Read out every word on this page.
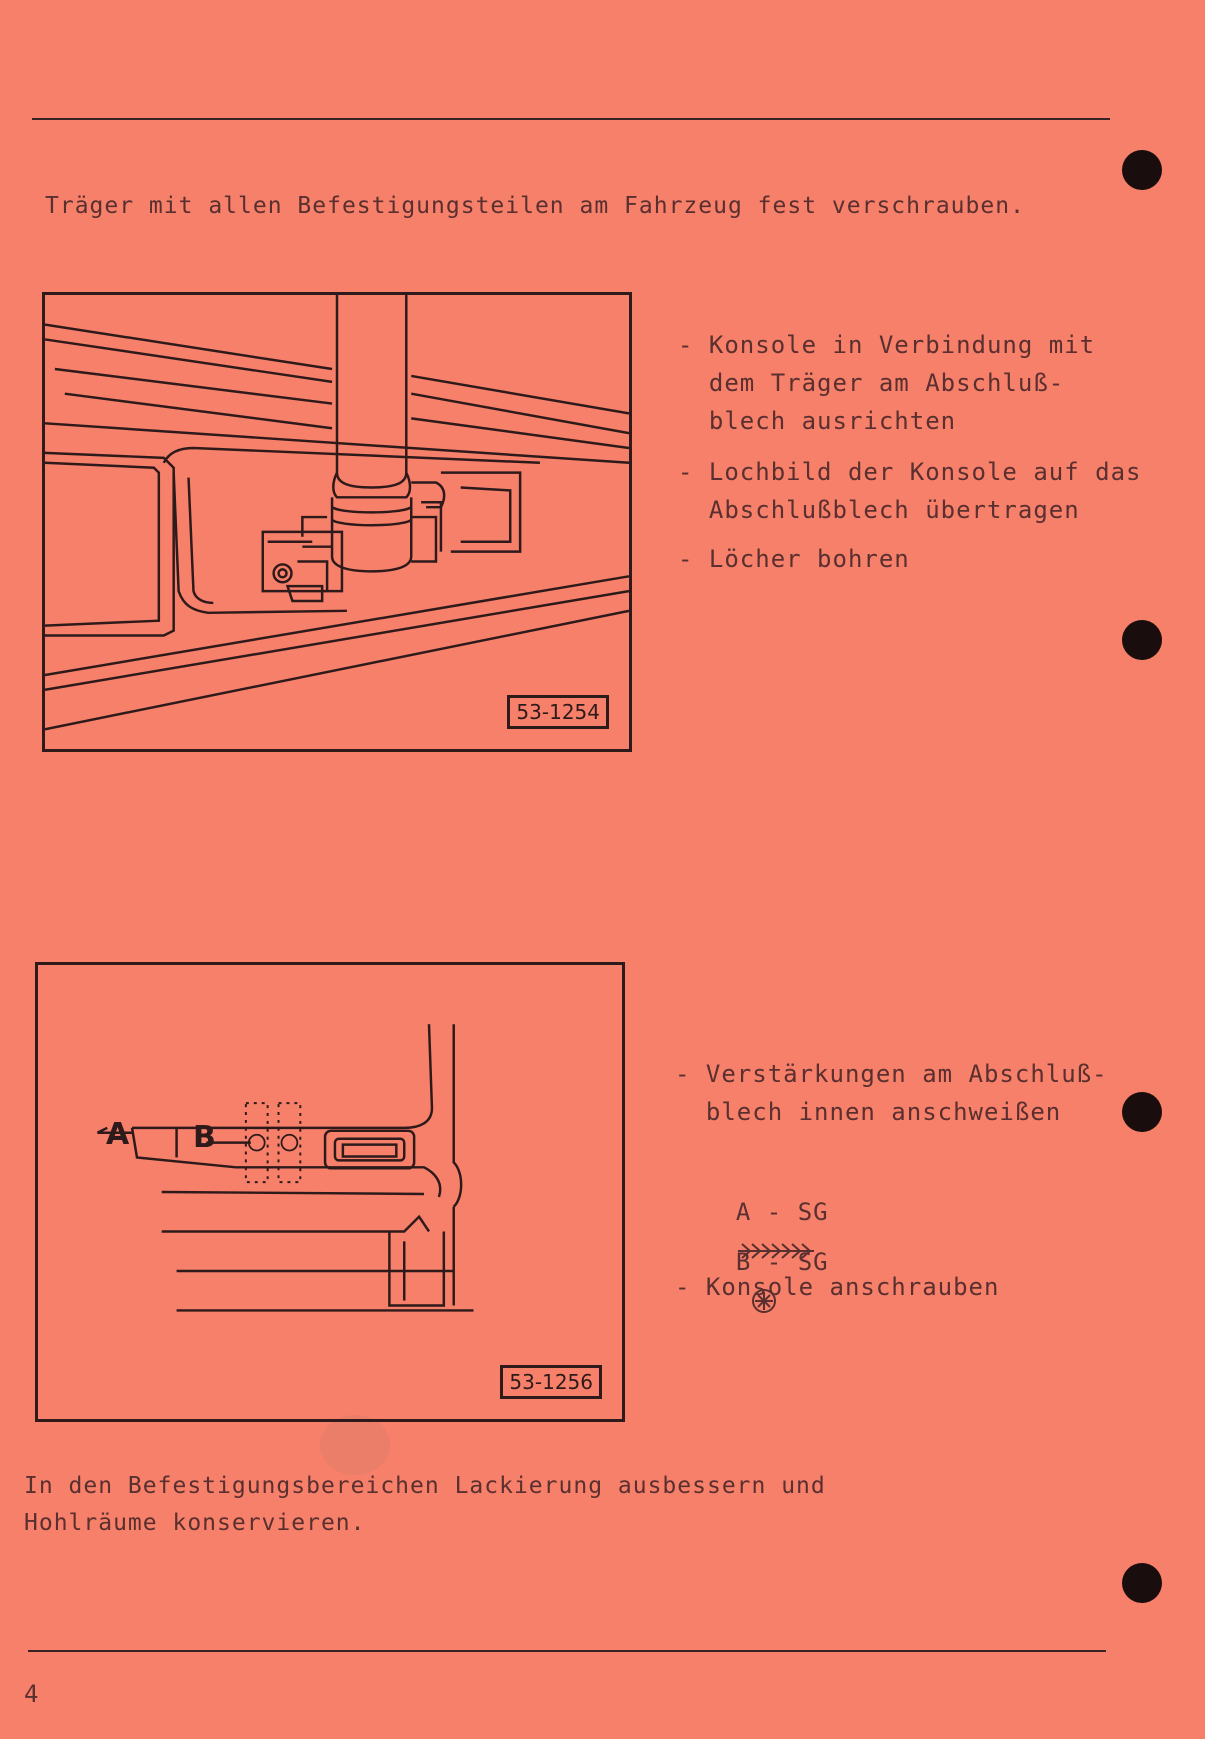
Träger mit allen Befestigungsteilen am Fahrzeug fest verschrauben.
53-1254
- Konsole in Verbindung mit
dem Träger am Abschluß-
blech ausrichten
- Lochbild der Konsole auf das
Abschlußblech übertragen
- Löcher bohren
A B
53-1256
- Verstärkungen am Abschluß-
blech innen anschweißen

A - SG

B - SG

- Konsole anschrauben
In den Befestigungsbereichen Lackierung ausbessern und
Hohlräume konservieren.
4
